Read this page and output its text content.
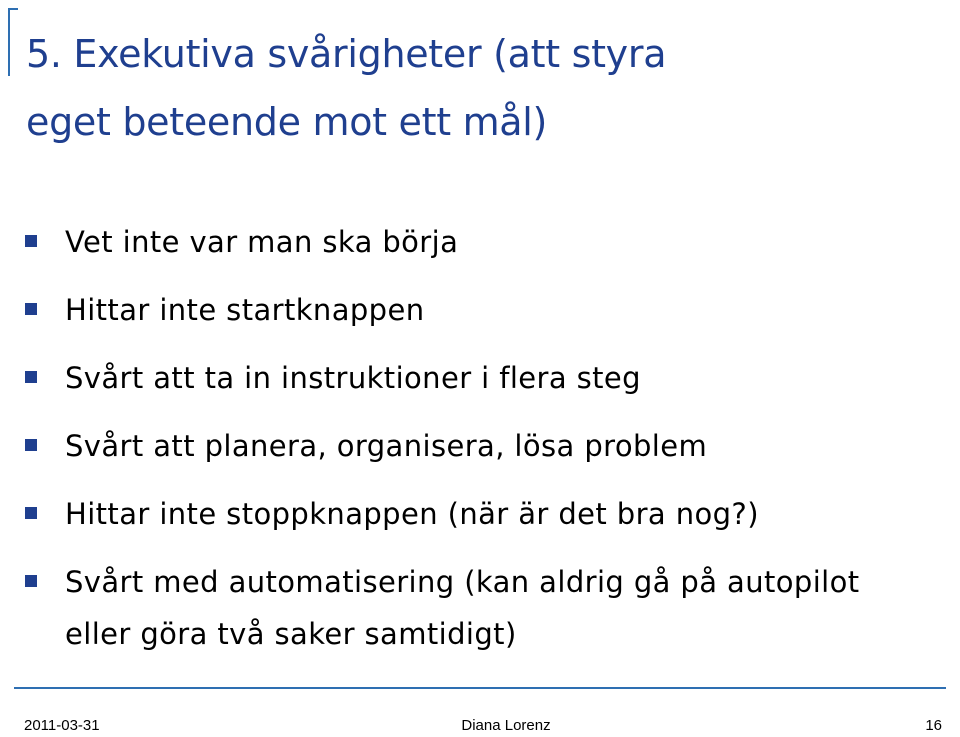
5. Exekutiva svårigheter (att styra
eget beteende mot ett mål)
Vet inte var man ska börja
Hittar inte startknappen
Svårt att ta in instruktioner i flera steg
Svårt att planera, organisera, lösa problem
Hittar inte stoppknappen (när är det bra nog?)
Svårt med automatisering (kan aldrig gå på autopilot eller göra två saker samtidigt)
2011-03-31	Diana Lorenz	16
